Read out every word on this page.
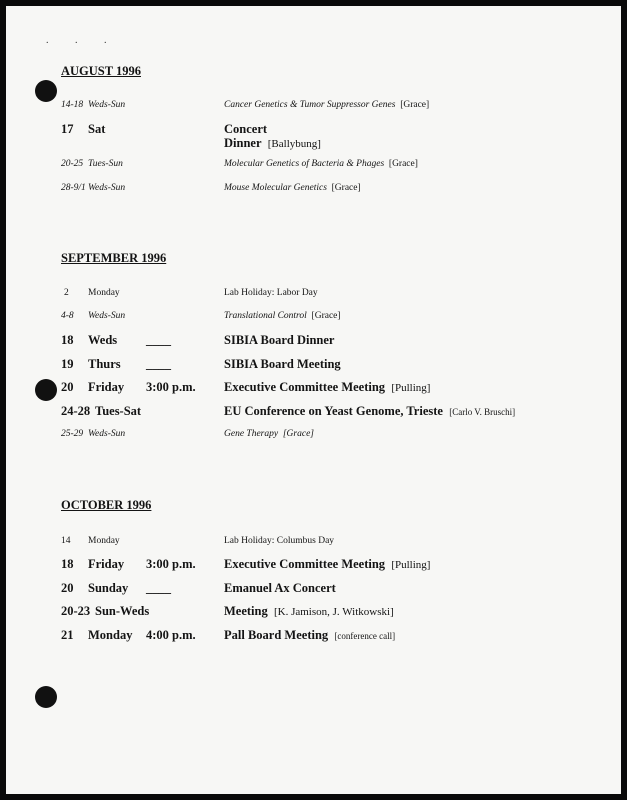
. . .
AUGUST 1996
14-18 Weds-Sun	Cancer Genetics & Tumor Suppressor Genes [Grace]
17 Sat	Concert
Dinner [Ballybung]
20-25 Tues-Sun	Molecular Genetics of Bacteria & Phages [Grace]
28-9/1 Weds-Sun	Mouse Molecular Genetics [Grace]
SEPTEMBER 1996
2 Monday	Lab Holiday: Labor Day
4-8 Weds-Sun	Translational Control [Grace]
18 Weds ____	SIBIA Board Dinner
19 Thurs ____	SIBIA Board Meeting
20 Friday 3:00 p.m. Executive Committee Meeting [Pulling]
24-28 Tues-Sat	EU Conference on Yeast Genome, Trieste [Carlo V. Bruschi]
25-29 Weds-Sun	Gene Therapy [Grace]
OCTOBER 1996
14 Monday	Lab Holiday: Columbus Day
18 Friday 3:00 p.m. Executive Committee Meeting [Pulling]
20 Sunday ____	Emanuel Ax Concert
20-23 Sun-Weds	Meeting [K. Jamison, J. Witkowski]
21 Monday 4:00 p.m. Pall Board Meeting [conference call]
